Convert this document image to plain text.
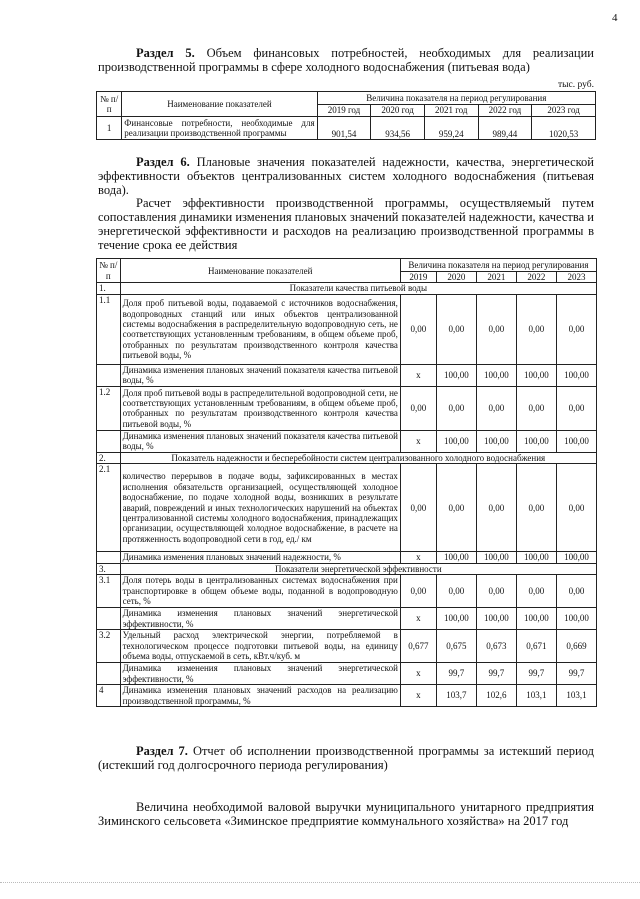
4
Раздел 5. Объем финансовых потребностей, необходимых для реализации производственной программы в сфере холодного водоснабжения (питьевая вода)
тыс. руб.
№ п/п	Наименование показателей	Величина показателя на период регулирования				
		2019 год	2020 год	2021 год	2022 год	2023 год
1	Финансовые потребности, необходимые для реализации производственной программы	901,54	934,56	959,24	989,44	1020,53
Раздел 6. Плановые значения показателей надежности, качества, энергетической эффективности объектов централизованных систем холодного водоснабжения (питьевая вода).
Расчет эффективности производственной программы, осуществляемый путем сопоставления динамики изменения плановых значений показателей надежности, качества и энергетической эффективности и расходов на реализацию производственной программы в течение срока ее действия
№ п/п	Наименование показателей	Величина показателя на период регулирования				
		2019	2020	2021	2022	2023
1.	Показатели качества питьевой воды					
1.1	Доля проб питьевой воды, подаваемой с источников водоснабжения, водопроводных станций или иных объектов централизованной системы водоснабжения в распределительную водопроводную сеть, не соответствующих установленным требованиям, в общем объеме проб, отобранных по результатам производственного контроля качества питьевой воды, %	0,00	0,00	0,00	0,00	0,00
	Динамика изменения плановых значений показателя качества питьевой воды, %	x	100,00	100,00	100,00	100,00
1.2	Доля проб питьевой воды в распределительной водопроводной сети, не соответствующих установленным требованиям, в общем объеме проб, отобранных по результатам производственного контроля качества питьевой воды, %	0,00	0,00	0,00	0,00	0,00
	Динамика изменения плановых значений показателя качества питьевой воды, %	x	100,00	100,00	100,00	100,00
2.	Показатель надежности и бесперебойности систем централизованного холодного водоснабжения					
2.1	количество перерывов в подаче воды, зафиксированных в местах исполнения обязательств организацией, осуществляющей холодное водоснабжение, по подаче холодной воды, возникших в результате аварий, повреждений и иных технологических нарушений на объектах централизованной системы холодного водоснабжения, принадлежащих организации, осуществляющей холодное водоснабжение, в расчете на протяженность водопроводной сети в год, ед./ км	0,00	0,00	0,00	0,00	0,00
	Динамика изменения плановых значений надежности, %	x	100,00	100,00	100,00	100,00
3.	Показатели энергетической эффективности					
3.1	Доля потерь воды в централизованных системах водоснабжения при транспортировке в общем объеме воды, поданной в водопроводную сеть, %	0,00	0,00	0,00	0,00	0,00
	Динамика изменения плановых значений энергетической эффективности, %	x	100,00	100,00	100,00	100,00
3.2	Удельный расход электрической энергии, потребляемой в технологическом процессе подготовки питьевой воды, на единицу объема воды, отпускаемой в сеть, кВт.ч/куб. м	0,677	0,675	0,673	0,671	0,669
	Динамика изменения плановых значений энергетической эффективности, %	x	99,7	99,7	99,7	99,7
4	Динамика изменения плановых значений расходов на реализацию производственной программы, %	x	103,7	102,6	103,1	103,1
Раздел 7. Отчет об исполнении производственной программы за истекший период (истекший год долгосрочного периода регулирования)
Величина необходимой валовой выручки муниципального унитарного предприятия Зиминского сельсовета «Зиминское предприятие коммунального хозяйства» на 2017 год
